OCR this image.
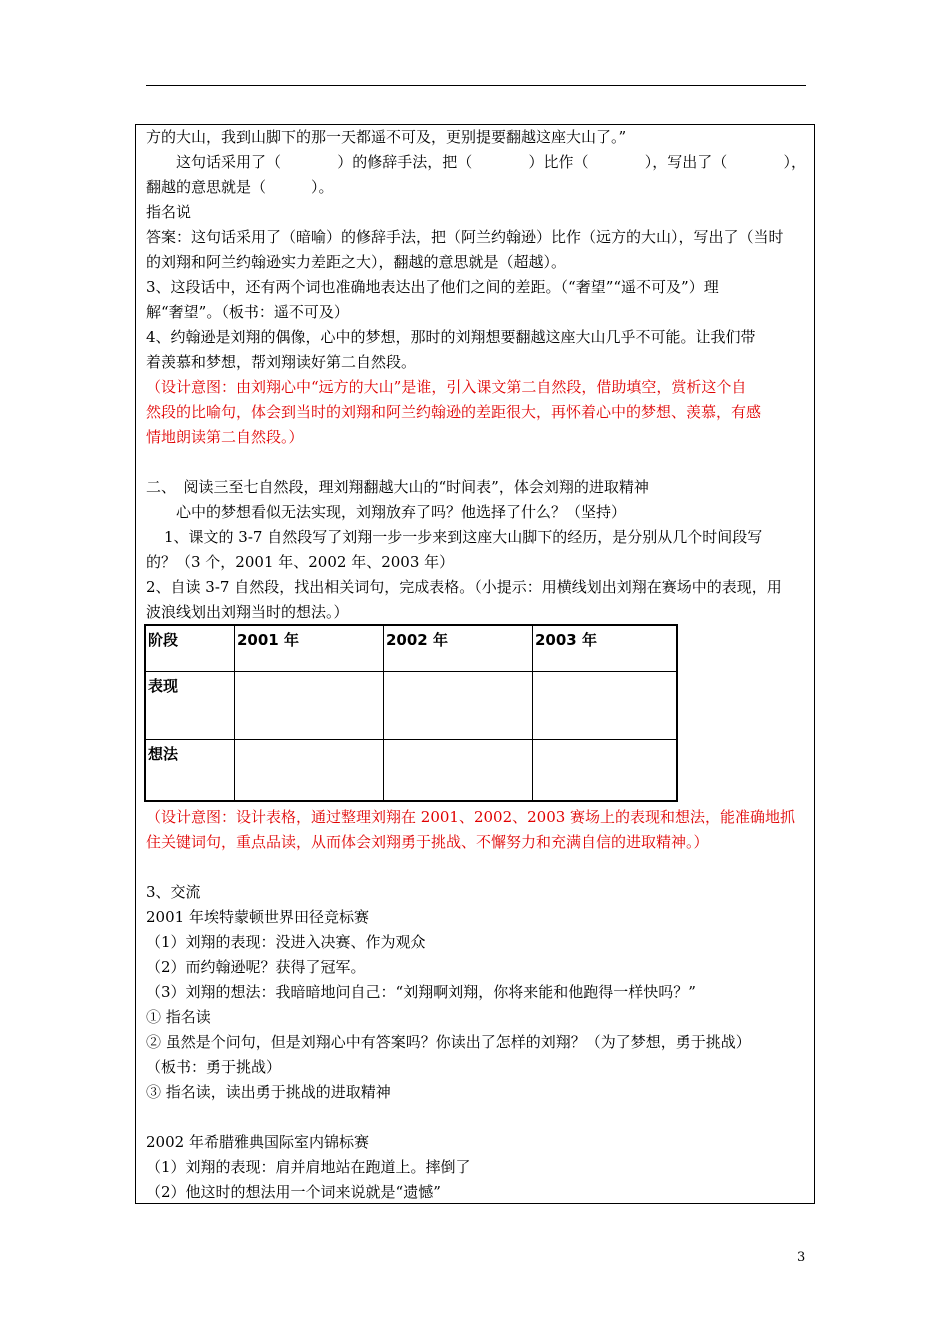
方的大山，我到山脚下的那一天都遥不可及，更别提要翻越这座大山了。”
这句话采用了（	）的修辞手法，把（	）比作（	），写出了（	），
翻越的意思就是（　　　）。
指名说
答案：这句话采用了（暗喻）的修辞手法，把（阿兰约翰逊）比作（远方的大山），写出了（当时
的刘翔和阿兰约翰逊实力差距之大），翻越的意思就是（超越）。
3、这段话中，还有两个词也准确地表达出了他们之间的差距。（“奢望”“遥不可及”）理
解“奢望”。（板书：遥不可及）
4、约翰逊是刘翔的偶像，心中的梦想，那时的刘翔想要翻越这座大山几乎不可能。让我们带
着羡慕和梦想，帮刘翔读好第二自然段。
（设计意图：由刘翔心中“远方的大山”是谁，引入课文第二自然段，借助填空，赏析这个自
然段的比喻句，体会到当时的刘翔和阿兰约翰逊的差距很大，再怀着心中的梦想、羡慕，有感
情地朗读第二自然段。）
二、　阅读三至七自然段，理刘翔翻越大山的“时间表”，体会刘翔的进取精神
心中的梦想看似无法实现，刘翔放弃了吗？他选择了什么？（坚持）
1、课文的 3-7 自然段写了刘翔一步一步来到这座大山脚下的经历，是分别从几个时间段写
的？（3 个，2001 年、2002 年、2003 年）
2、自读 3-7 自然段，找出相关词句，完成表格。（小提示：用横线划出刘翔在赛场中的表现，用
波浪线划出刘翔当时的想法。）
阶段	2001 年	2002 年	2003 年
表现			
想法			
（设计意图：设计表格，通过整理刘翔在 2001、2002、2003 赛场上的表现和想法，能准确地抓
住关键词句，重点品读，从而体会刘翔勇于挑战、不懈努力和充满自信的进取精神。）
3、交流
2001 年埃特蒙顿世界田径竞标赛
（1）刘翔的表现：没进入决赛、作为观众
（2）而约翰逊呢？获得了冠军。
（3）刘翔的想法：我暗暗地问自己：“刘翔啊刘翔，你将来能和他跑得一样快吗？”
① 指名读
② 虽然是个问句，但是刘翔心中有答案吗？你读出了怎样的刘翔？（为了梦想，勇于挑战）
（板书：勇于挑战）
③ 指名读，读出勇于挑战的进取精神
2002 年希腊雅典国际室内锦标赛
（1）刘翔的表现：肩并肩地站在跑道上。摔倒了
（2）他这时的想法用一个词来说就是“遗憾”
3
